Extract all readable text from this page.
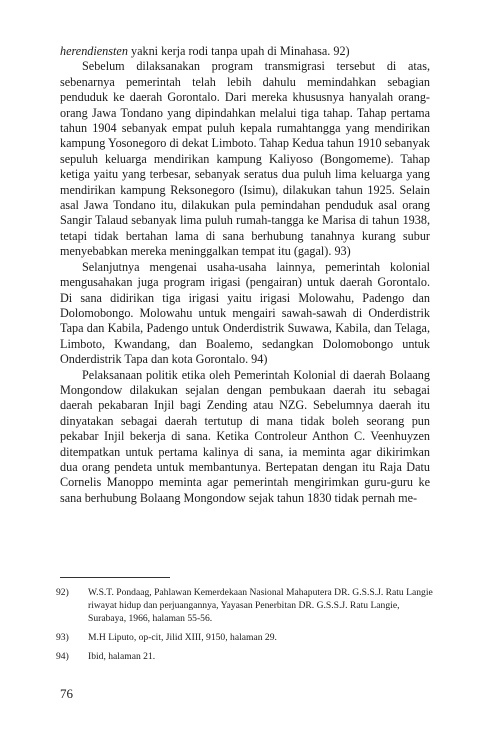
herendiensten yakni kerja rodi tanpa upah di Minahasa. 92)

Sebelum dilaksanakan program transmigrasi tersebut di atas, sebenarnya pemerintah telah lebih dahulu memindahkan sebagian penduduk ke daerah Gorontalo. Dari mereka khususnya hanyalah orang-orang Jawa Tondano yang dipindahkan melalui tiga tahap. Tahap pertama tahun 1904 sebanyak empat puluh kepala rumahtangga yang mendirikan kampung Yosonegoro di dekat Limboto. Tahap Kedua tahun 1910 sebanyak sepuluh keluarga mendirikan kampung Kaliyoso (Bongomeme). Tahap ketiga yaitu yang terbesar, sebanyak seratus dua puluh lima keluarga yang mendirikan kampung Reksonegoro (Isimu), dilakukan tahun 1925. Selain asal Jawa Tondano itu, dilakukan pula pemindahan penduduk asal orang Sangir Talaud sebanyak lima puluh rumah-tangga ke Marisa di tahun 1938, tetapi tidak bertahan lama di sana berhubung tanahnya kurang subur menyebabkan mereka meninggalkan tempat itu (gagal). 93)

Selanjutnya mengenai usaha-usaha lainnya, pemerintah kolonial mengusahakan juga program irigasi (pengairan) untuk daerah Gorontalo. Di sana didirikan tiga irigasi yaitu irigasi Molowahu, Padengo dan Dolomobongo. Molowahu untuk mengairi sawah-sawah di Onderdistrik Tapa dan Kabila, Padengo untuk Onderdistrik Suwawa, Kabila, dan Telaga, Limboto, Kwandang, dan Boalemo, sedangkan Dolomobongo untuk Onderdistrik Tapa dan kota Gorontalo. 94)

Pelaksanaan politik etika oleh Pemerintah Kolonial di daerah Bolaang Mongondow dilakukan sejalan dengan pembukaan daerah itu sebagai daerah pekabaran Injil bagi Zending atau NZG. Sebelumnya daerah itu dinyatakan sebagai daerah tertutup di mana tidak boleh seorang pun pekabar Injil bekerja di sana. Ketika Controleur Anthon C. Veenhuyzen ditempatkan untuk pertama kalinya di sana, ia meminta agar dikirimkan dua orang pendeta untuk membantunya. Bertepatan dengan itu Raja Datu Cornelis Manoppo meminta agar pemerintah mengirimkan guru-guru ke sana berhubung Bolaang Mongondow sejak tahun 1830 tidak pernah me-

92)	W.S.T. Pondaag, Pahlawan Kemerdekaan Nasional Mahaputera DR. G.S.S.J. Ratu Langie riwayat hidup dan perjuangannya, Yayasan Penerbitan DR. G.S.S.J. Ratu Langie, Surabaya, 1966, halaman 55-56.
93)	M.H Liputo, op-cit, Jilid XIII, 9150, halaman 29.
94)	Ibid, halaman 21.
76
